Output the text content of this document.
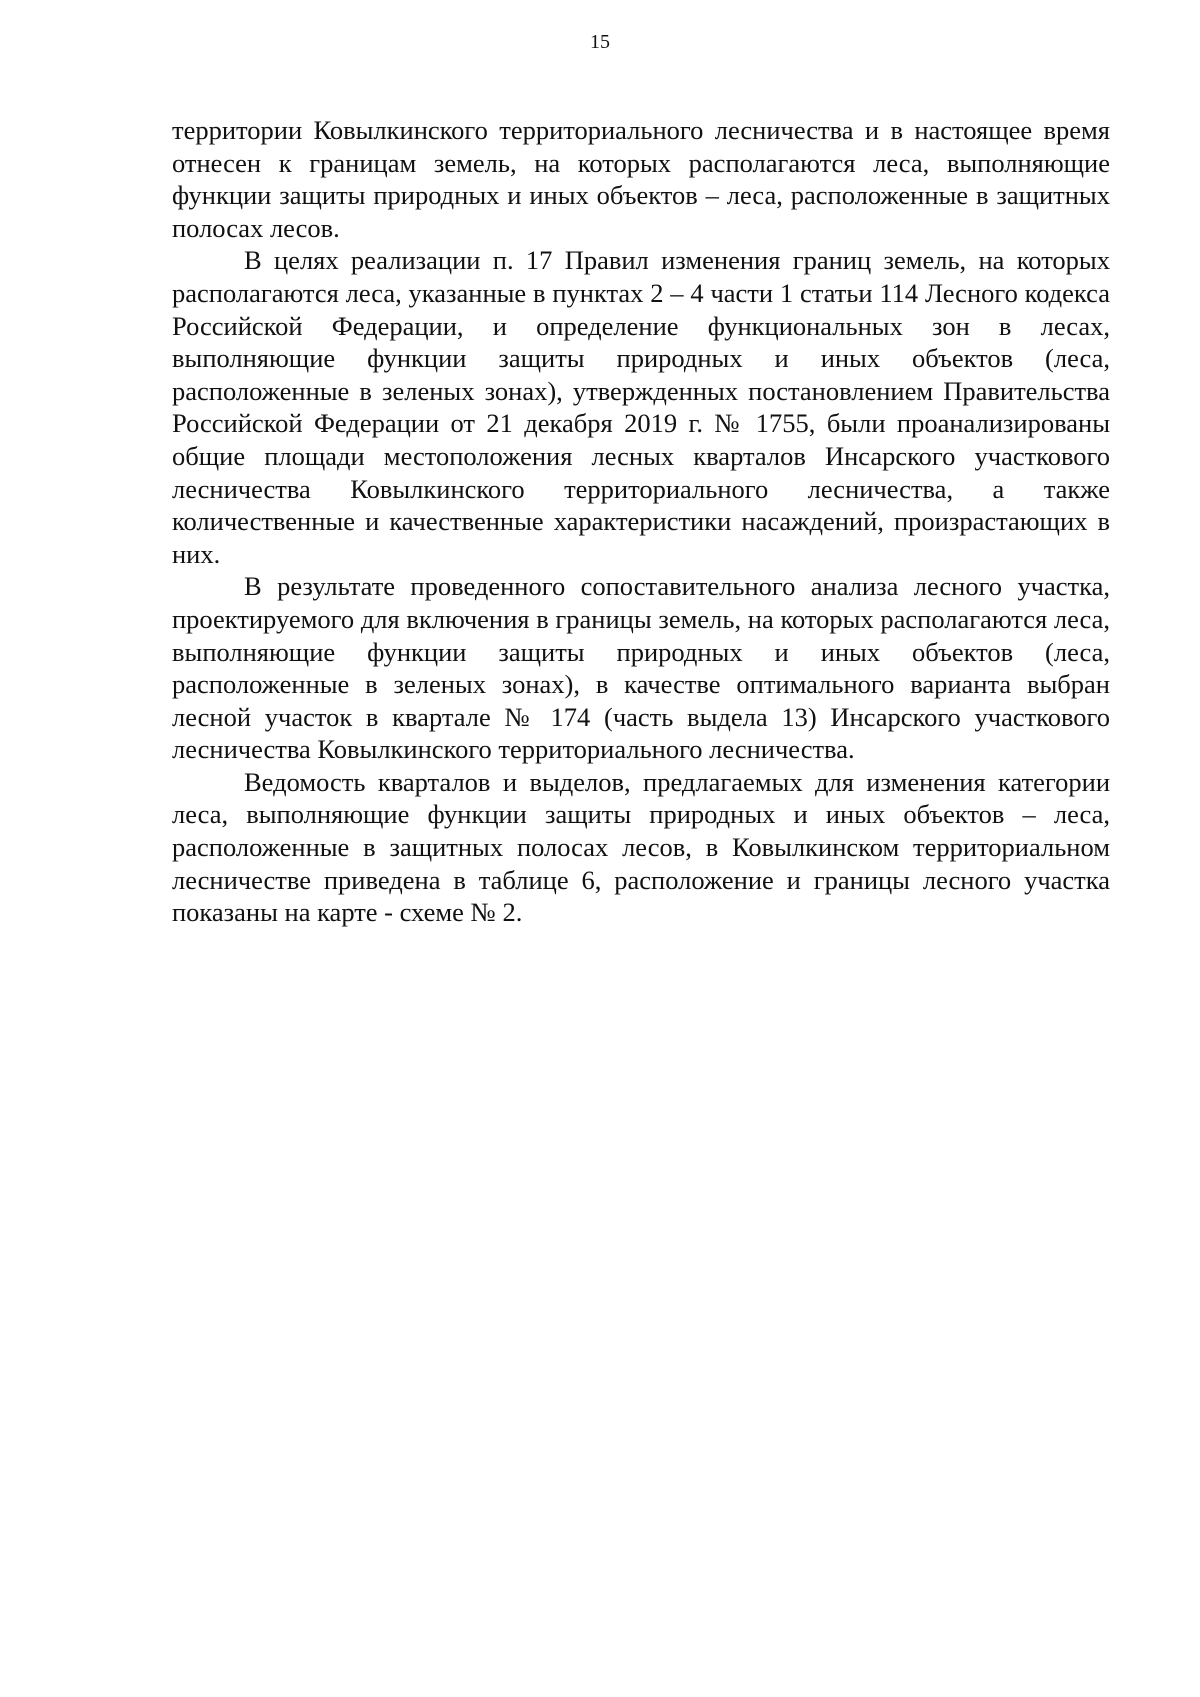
15

территории Ковылкинского территориального лесничества и в настоящее время отнесен к границам земель, на которых располагаются леса, выполняющие функции защиты природных и иных объектов – леса, расположенные в защитных полосах лесов.

В целях реализации п. 17 Правил изменения границ земель, на которых располагаются леса, указанные в пунктах 2 – 4 части 1 статьи 114 Лесного кодекса Российской Федерации, и определение функциональных зон в лесах, выполняющие функции защиты природных и иных объектов (леса, расположенные в зеленых зонах), утвержденных постановлением Правительства Российской Федерации от 21 декабря 2019 г. № 1755, были проанализированы общие площади местоположения лесных кварталов Инсарского участкового лесничества Ковылкинского территориального лесничества, а также количественные и качественные характеристики насаждений, произрастающих в них.

В результате проведенного сопоставительного анализа лесного участка, проектируемого для включения в границы земель, на которых располагаются леса, выполняющие функции защиты природных и иных объектов (леса, расположенные в зеленых зонах), в качестве оптимального варианта выбран лесной участок в квартале № 174 (часть выдела 13) Инсарского участкового лесничества Ковылкинского территориального лесничества.

Ведомость кварталов и выделов, предлагаемых для изменения категории леса, выполняющие функции защиты природных и иных объектов – леса, расположенные в защитных полосах лесов, в Ковылкинском территориальном лесничестве приведена в таблице 6, расположение и границы лесного участка показаны на карте - схеме № 2.
